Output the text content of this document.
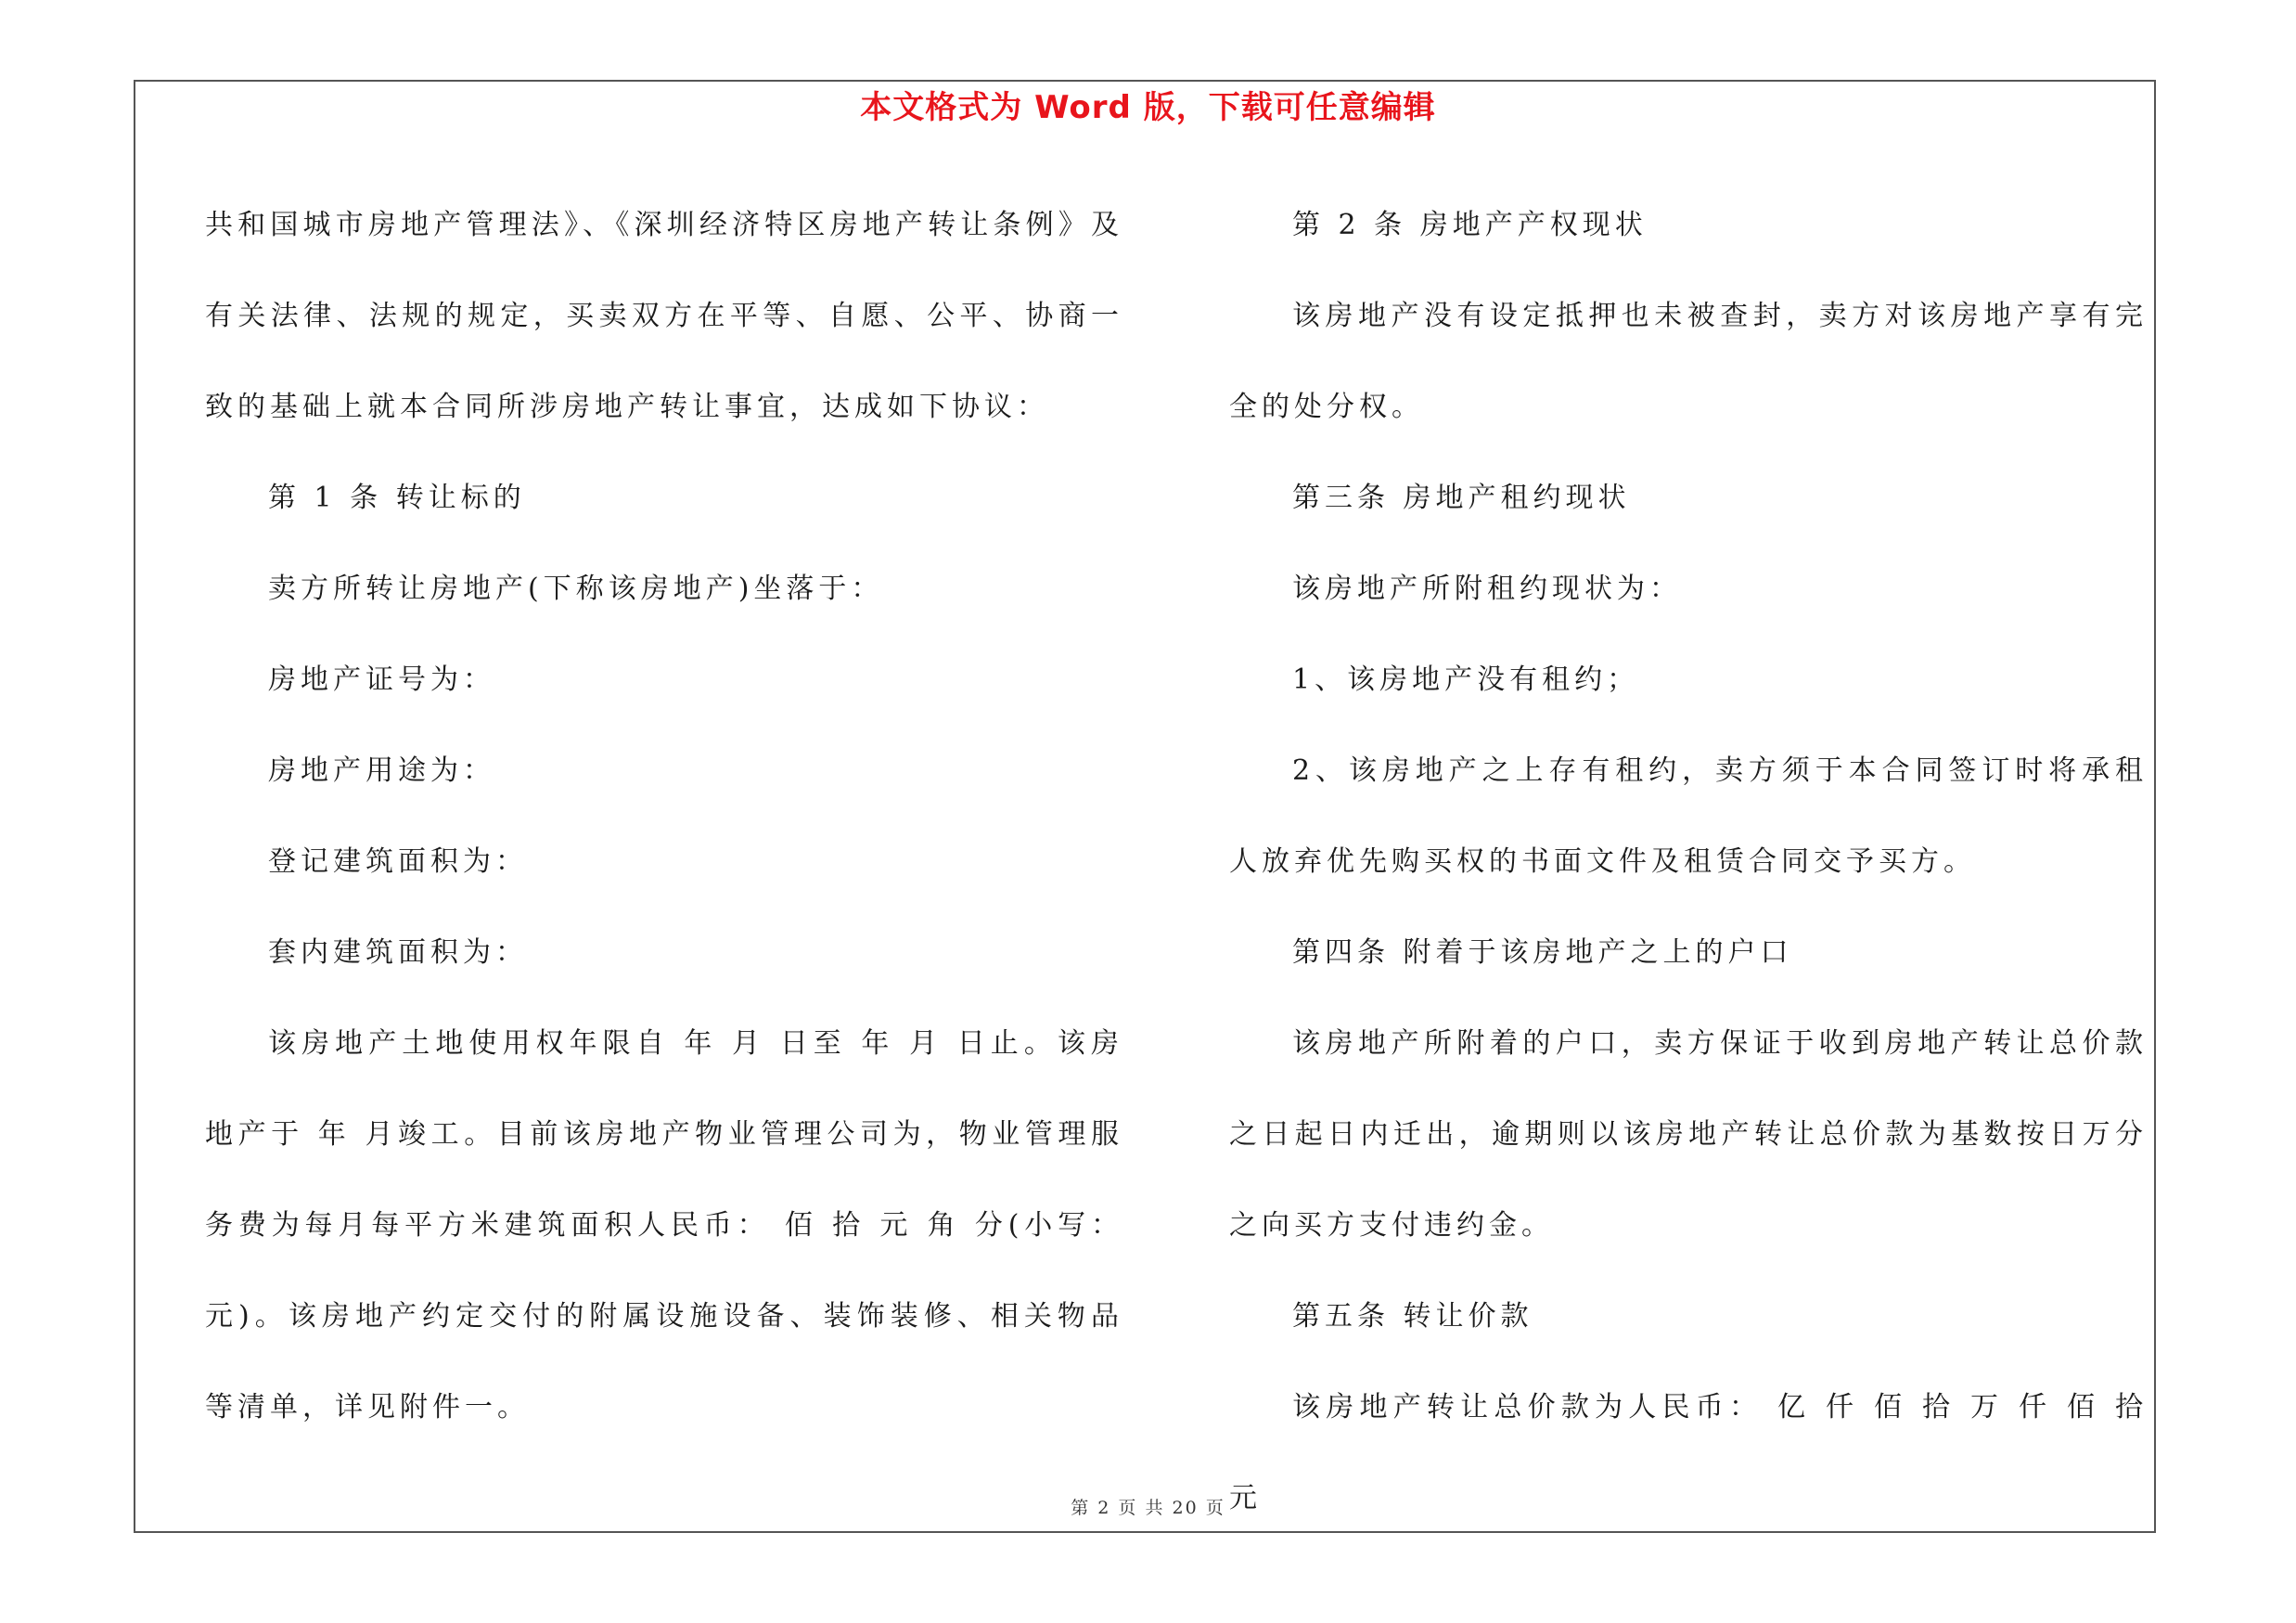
本文格式为 Word 版，下载可任意编辑

共和国城市房地产管理法》、《深圳经济特区房地产转让条例》及有关法律、法规的规定，买卖双方在平等、自愿、公平、协商一致的基础上就本合同所涉房地产转让事宜，达成如下协议：

第 1 条 转让标的

卖方所转让房地产(下称该房地产)坐落于：

房地产证号为：

房地产用途为：

登记建筑面积为：

套内建筑面积为：

该房地产土地使用权年限自 年 月 日至 年 月 日止。该房地产于 年 月竣工。目前该房地产物业管理公司为，物业管理服务费为每月每平方米建筑面积人民币： 佰 拾 元 角 分(小写： 元)。该房地产约定交付的附属设施设备、装饰装修、相关物品等清单，详见附件一。

第 2 条 房地产产权现状

该房地产没有设定抵押也未被查封，卖方对该房地产享有完全的处分权。

第三条 房地产租约现状

该房地产所附租约现状为：

1、该房地产没有租约；

2、该房地产之上存有租约，卖方须于本合同签订时将承租人放弃优先购买权的书面文件及租赁合同交予买方。

第四条 附着于该房地产之上的户口

该房地产所附着的户口，卖方保证于收到房地产转让总价款之日起日内迁出，逾期则以该房地产转让总价款为基数按日万分之向买方支付违约金。

第五条 转让价款

该房地产转让总价款为人民币： 亿 仟 佰 拾 万 仟 佰 拾 元

第 2 页 共 20 页
